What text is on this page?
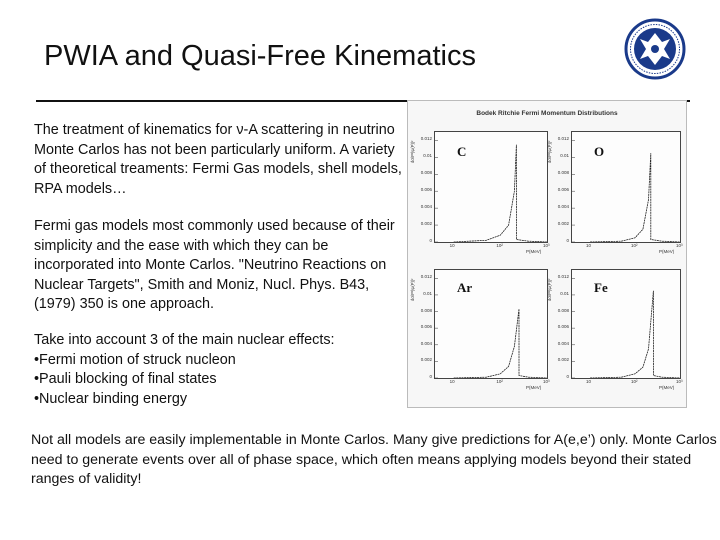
PWIA and Quasi-Free Kinematics
The treatment of kinematics for ν-A scattering in neutrino Monte Carlos has not been particularly uniform. A variety of theoretical treaments: Fermi Gas models, shell models, RPA models…
Fermi gas models most commonly used because of their simplicity and the ease with which they can be incorporated into Monte Carlos. "Neutrino Reactions on Nuclear Targets", Smith and Moniz, Nucl. Phys. B43, (1979) 350 is one approach.
Take into account 3 of the main nuclear effects:
•Fermi motion of struck nucleon
•Pauli blocking of final states
•Nuclear binding energy
Not all models are easily implementable in Monte Carlos. Many give predictions for A(e,e’) only. Monte Carlos need to generate events over all of phase space, which often means applying models beyond their stated ranges of validity!
Bodek Ritchie Fermi Momentum Distributions
C
0
0.002
0.004
0.006
0.008
0.01
0.012
dσ/P²|ψ(P)|²
10	10²	10³
P(MeV)
O
0
0.002
0.004
0.006
0.008
0.01
0.012
dσ/P²|ψ(P)|²
10	10²	10³
P(MeV)
Ar
0
0.002
0.004
0.006
0.008
0.01
0.012
dσ/P²|ψ(P)|²
10	10²	10³
P(MeV)
Fe
0
0.002
0.004
0.006
0.008
0.01
0.012
dσ/P²|ψ(P)|²
10	10²	10³
P(MeV)
